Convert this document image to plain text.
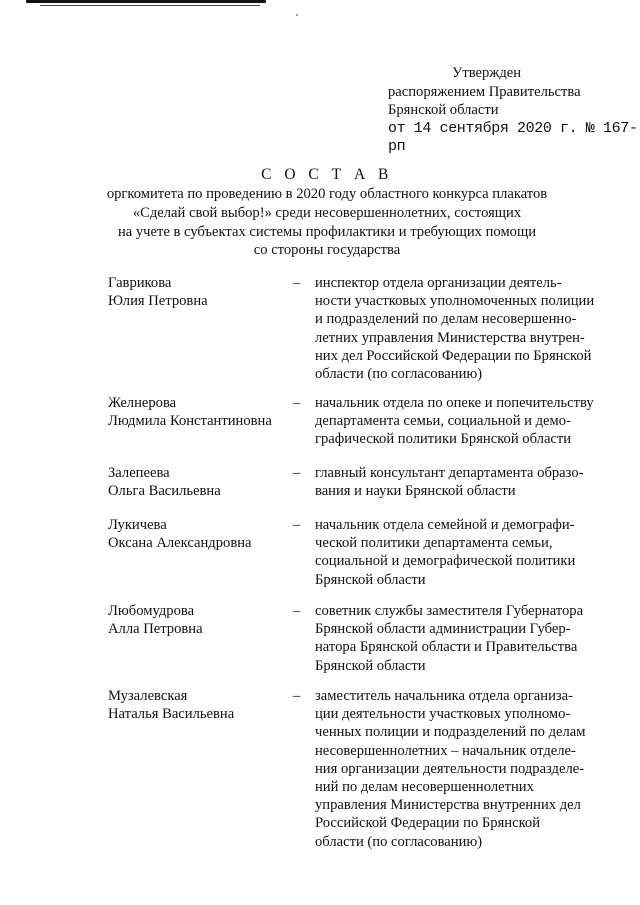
Утвержден
распоряжением Правительства
Брянской области
от 14 сентября 2020 г. № 167-рп
С О С Т А В
оргкомитета по проведению в 2020 году областного конкурса плакатов
«Сделай свой выбор!» среди несовершеннолетних, состоящих
на учете в субъектах системы профилактики и требующих помощи
со стороны государства
Гаврикова
Юлия Петровна
– инспектор отдела организации деятель-
ности участковых уполномоченных полиции
и подразделений по делам несовершенно-
летних управления Министерства внутрен-
них дел Российской Федерации по Брянской
области (по согласованию)
Желнерова
Людмила Константиновна
– начальник отдела по опеке и попечительству
департамента семьи, социальной и демо-
графической политики Брянской области
Залепеева
Ольга Васильевна
– главный консультант департамента образо-
вания и науки Брянской области
Лукичева
Оксана Александровна
– начальник отдела семейной и демографи-
ческой политики департамента семьи,
социальной и демографической политики
Брянской области
Любомудрова
Алла Петровна
– советник службы заместителя Губернатора
Брянской области администрации Губер-
натора Брянской области и Правительства
Брянской области
Музалевская
Наталья Васильевна
– заместитель начальника отдела организа-
ции деятельности участковых уполномо-
ченных полиции и подразделений по делам
несовершеннолетних – начальник отделе-
ния организации деятельности подразделе-
ний по делам несовершеннолетних
управления Министерства внутренних дел
Российской Федерации по Брянской
области (по согласованию)
